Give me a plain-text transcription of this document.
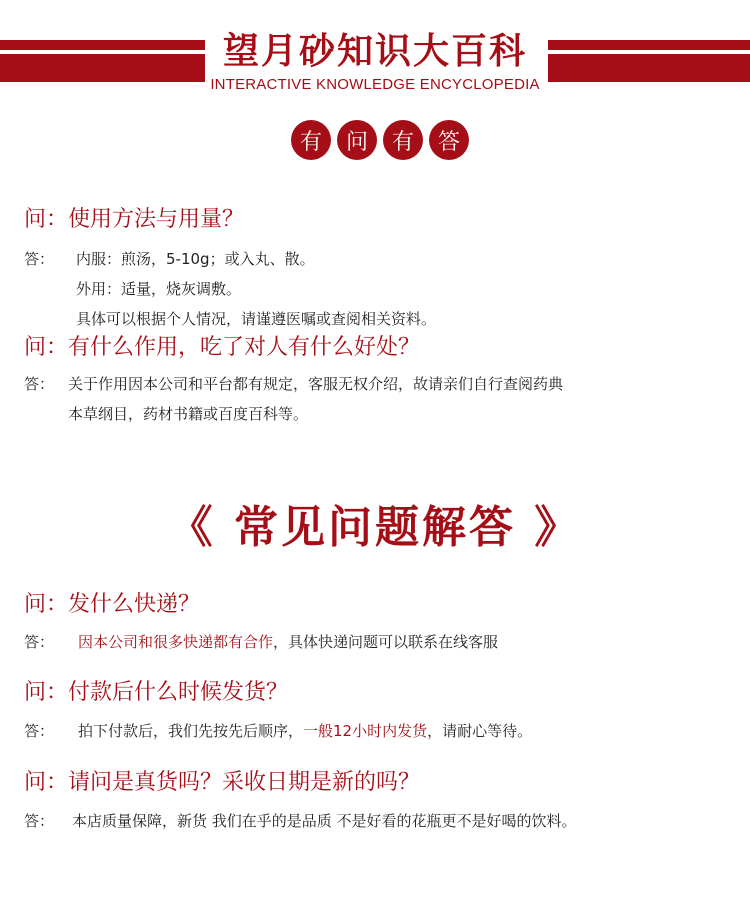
望月砂知识大百科
INTERACTIVE KNOWLEDGE ENCYCLOPEDIA
有	问	有	答
问：使用方法与用量？
答： 内服：煎汤，5-10g；或入丸、散。
外用：适量，烧灰调敷。
具体可以根据个人情况，请谨遵医嘱或查阅相关资料。
问：有什么作用，吃了对人有什么好处？
答： 关于作用因本公司和平台都有规定，客服无权介绍，故请亲们自行查阅药典
本草纲目，药材书籍或百度百科等。
《 常见问题解答 》
问：发什么快递？
答： 因本公司和很多快递都有合作，具体快递问题可以联系在线客服
问：付款后什么时候发货？
答： 拍下付款后，我们先按先后顺序，一般12小时内发货，请耐心等待。
问：请问是真货吗？采收日期是新的吗？
答： 本店质量保障，新货 我们在乎的是品质 不是好看的花瓶更不是好喝的饮料。
